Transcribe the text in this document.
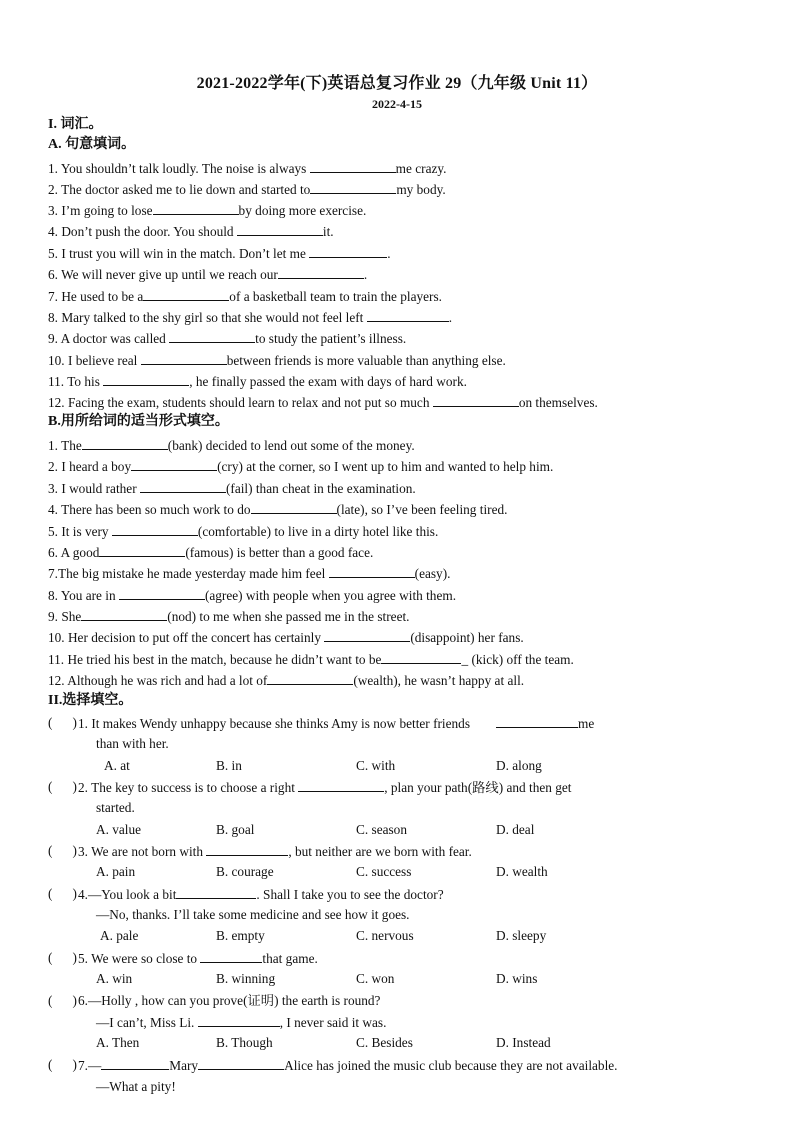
2021-2022学年(下)英语总复习作业 29（九年级 Unit 11）
2022-4-15
I. 词汇。
A. 句意填词。
1. You shouldn’t talk loudly. The noise is always	me crazy.
2. The doctor asked me to lie down and started to	my body.
3. I’m going to lose	by doing more exercise.
4. Don’t push the door. You should	it.
5. I trust you will win in the match. Don’t let me	.
6. We will never give up until we reach our	.
7. He used to be a	of a basketball team to train the players.
8. Mary talked to the shy girl so that she would not feel left	.
9. A doctor was called	to study the patient’s illness.
10. I believe real	between friends is more valuable than anything else.
11. To his	, he finally passed the exam with days of hard work.
12. Facing the exam, students should learn to relax and not put so much	on themselves.
B.用所给词的适当形式填空。
1. The	(bank) decided to lend out some of the money.
2. I heard a boy	(cry) at the corner, so I went up to him and wanted to help him.
3. I would rather	(fail) than cheat in the examination.
4. There has been so much work to do	(late), so I’ve been feeling tired.
5. It is very	(comfortable) to live in a dirty hotel like this.
6. A good	(famous) is better than a good face.
7.The big mistake he made yesterday made him feel	(easy).
8. You are in	(agree) with people when you agree with them.
9. She	(nod) to me when she passed me in the street.
10. Her decision to put off the concert has certainly	(disappoint) her fans.
11. He tried his best in the match, because he didn’t want to be	_ (kick) off the team.
12. Although he was rich and had a lot of	(wealth), he wasn’t happy at all.
II.选择填空。
( ) 1. It makes Wendy unhappy because she thinks Amy is now better friends	me
than with her.
A. at	B. in	C. with	D. along
( ) 2. The key to success is to choose a right	, plan your path(路线) and then get
started.
A. value	B. goal	C. season	D. deal
( ) 3. We are not born with	, but neither are we born with fear.
A. pain	B. courage	C. success	D. wealth
( ) 4.—You look a bit	. Shall I take you to see the doctor?
—No, thanks. I’ll take some medicine and see how it goes.
A. pale	B. empty	C. nervous	D. sleepy
( ) 5. We were so close to	that game.
A. win	B. winning	C. won	D. wins
( ) 6.—Holly , how can you prove(证明) the earth is round?
—I can’t, Miss Li.	, I never said it was.
A. Then	B. Though	C. Besides	D. Instead
( ) 7.—	Mary	Alice has joined the music club because they are not available.
—What a pity!
